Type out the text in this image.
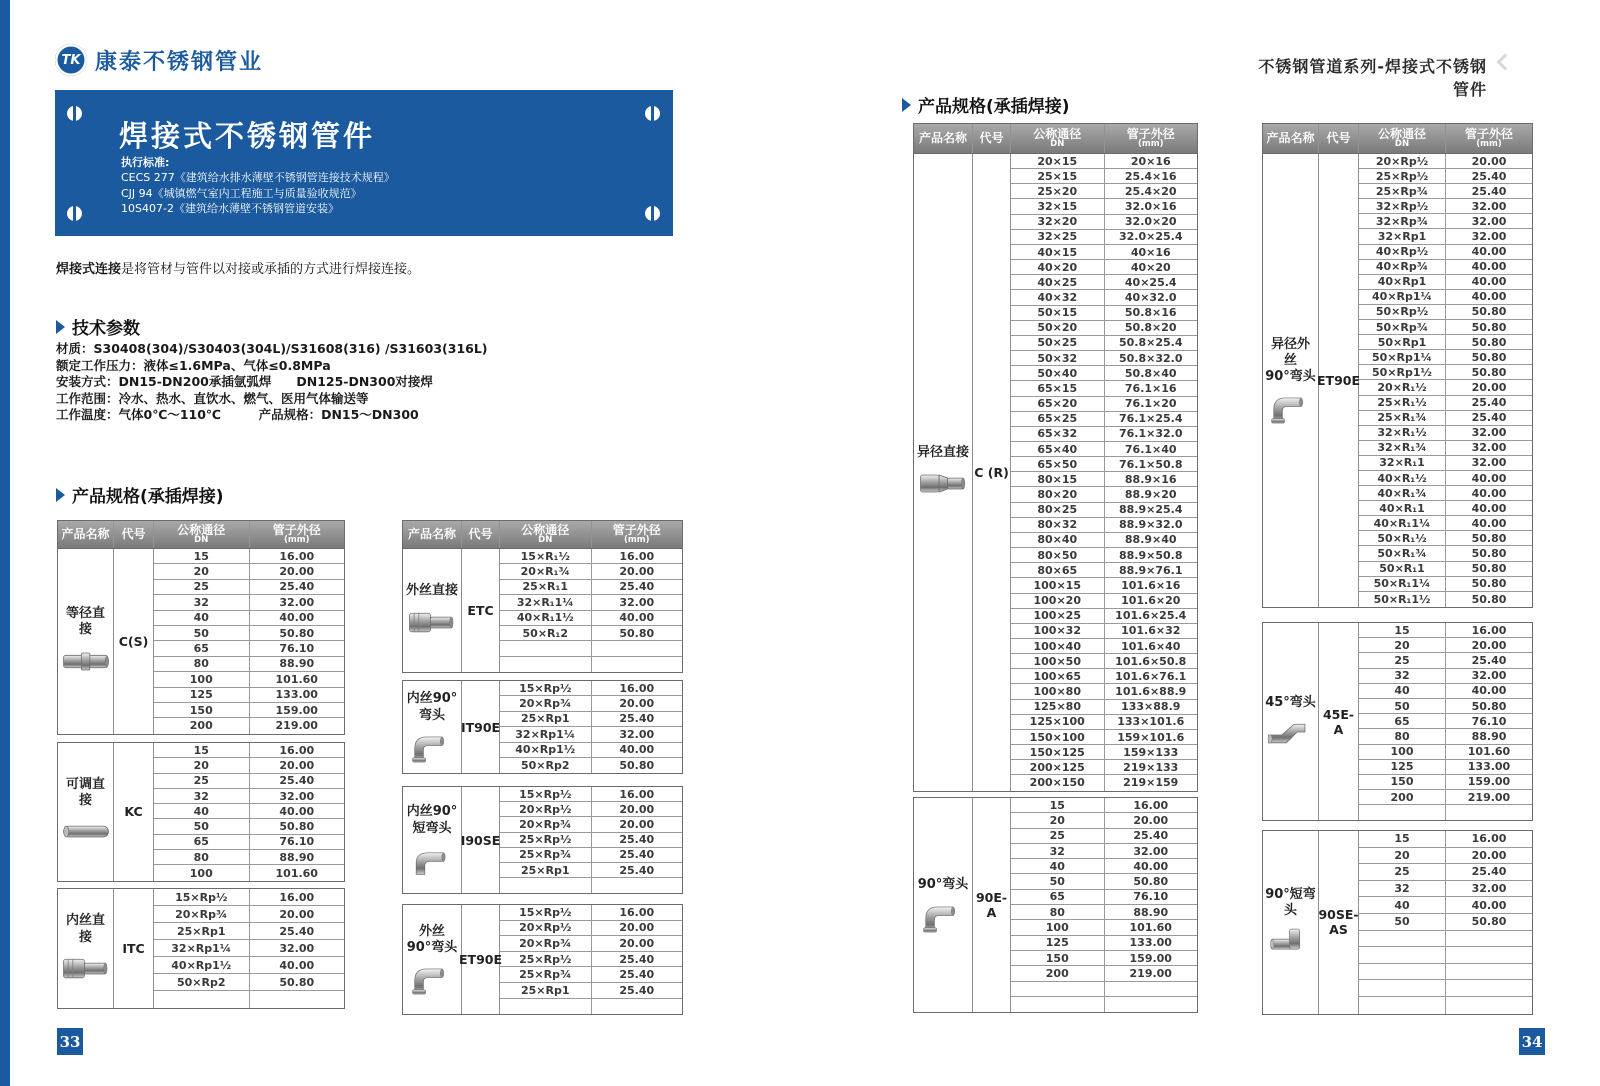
TK 康泰不锈钢管业
焊接式不锈钢管件
执行标准:
CECS 277《建筑给水排水薄壁不锈钢管连接技术规程》
CJJ 94《城镇燃气室内工程施工与质量验收规范》
10S407-2《建筑给水薄壁不锈钢管道安装》
焊接式连接是将管材与管件以对接或承插的方式进行焊接连接。
技术参数
材质：S30408(304)/S30403(304L)/S31608(316) /S31603(316L)
额定工作压力：液体≤1.6MPa、气体≤0.8MPa
安装方式：DN15-DN200承插氩弧焊　　DN125-DN300对接焊
工作范围：冷水、热水、直饮水、燃气、医用气体输送等
工作温度：气体0℃～110℃　　　产品规格：DN15～DN300
产品规格(承插焊接)
不锈钢管道系列-焊接式不锈钢管件
产品规格(承插焊接)
产品名称 代号	公称通径
DN
管子外径
(mm)
等径直接
C(S)
15	16.00
20	20.00
25	25.40
32	32.00
40	40.00
50	50.80
65	76.10
80	88.90
100	101.60
125	133.00
150	159.00
200	219.00
可调直接
KC
15	16.00
20	20.00
25	25.40
32	32.00
40	40.00
50	50.80
65	76.10
80	88.90
100	101.60
内丝直接
ITC
15×Rp½	16.00
20×Rp¾	20.00
25×Rp1	25.40
32×Rp1¼	32.00
40×Rp1½	40.00
50×Rp2	50.80
产品名称	代号	公称通径
DN
管子外径
(mm)
外丝直接
ETC
15×R₁½	16.00
20×R₁¾	20.00
25×R₁1	25.40
32×R₁1¼	32.00
40×R₁1½	40.00
50×R₁2	50.80
内丝90°
弯头
IT90E
15×Rp½	16.00
20×Rp¾	20.00
25×Rp1	25.40
32×Rp1¼	32.00
40×Rp1½	40.00
50×Rp2	50.80
内丝90°
短弯头
I90SE
15×Rp½	16.00
20×Rp½	20.00
20×Rp¾	20.00
25×Rp½	25.40
25×Rp¾	25.40
25×Rp1	25.40
外丝
90°弯头
ET90E
15×Rp½	16.00
20×Rp½	20.00
20×Rp¾	20.00
25×Rp½	25.40
25×Rp¾	25.40
25×Rp1	25.40
产品名称	代号	公称通径
DN
管子外径
(mm)
异径直接
C (R)
20×15	20×16
25×15	25.4×16
25×20	25.4×20
32×15	32.0×16
32×20	32.0×20
32×25	32.0×25.4
40×15	40×16
40×20	40×20
40×25	40×25.4
40×32	40×32.0
50×15	50.8×16
50×20	50.8×20
50×25	50.8×25.4
50×32	50.8×32.0
50×40	50.8×40
65×15	76.1×16
65×20	76.1×20
65×25	76.1×25.4
65×32	76.1×32.0
65×40	76.1×40
65×50	76.1×50.8
80×15	88.9×16
80×20	88.9×20
80×25	88.9×25.4
80×32	88.9×32.0
80×40	88.9×40
80×50	88.9×50.8
80×65	88.9×76.1
100×15	101.6×16
100×20	101.6×20
100×25	101.6×25.4
100×32	101.6×32
100×40	101.6×40
100×50	101.6×50.8
100×65	101.6×76.1
100×80	101.6×88.9
125×80	133×88.9
125×100	133×101.6
150×100	159×101.6
150×125	159×133
200×125	219×133
200×150	219×159
90°弯头
90E-A
15	16.00
20	20.00
25	25.40
32	32.00
40	40.00
50	50.80
65	76.10
80	88.90
100	101.60
125	133.00
150	159.00
200	219.00
产品名称 代号	公称通径
DN
管子外径
(mm)
异径外丝
90°弯头 ET90E
20×Rp½	20.00
25×Rp½	25.40
25×Rp¾	25.40
32×Rp½	32.00
32×Rp¾	32.00
32×Rp1	32.00
40×Rp½	40.00
40×Rp¾	40.00
40×Rp1	40.00
40×Rp1¼	40.00
50×Rp½	50.80
50×Rp¾	50.80
50×Rp1	50.80
50×Rp1¼	50.80
50×Rp1½	50.80
20×R₁½	20.00
25×R₁½	25.40
25×R₁¾	25.40
32×R₁½	32.00
32×R₁¾	32.00
32×R₁1	32.00
40×R₁½	40.00
40×R₁¾	40.00
40×R₁1	40.00
40×R₁1¼	40.00
50×R₁½	50.80
50×R₁¾	50.80
50×R₁1	50.80
50×R₁1¼	50.80
50×R₁1½	50.80
45°弯头
45E-A
15	16.00
20	20.00
25	25.40
32	32.00
40	40.00
50	50.80
65	76.10
80	88.90
100	101.60
125	133.00
150	159.00
200	219.00
90°短弯头	90SE-
AS
15	16.00
20	20.00
25	25.40
32	32.00
40	40.00
50	50.80
33	34
